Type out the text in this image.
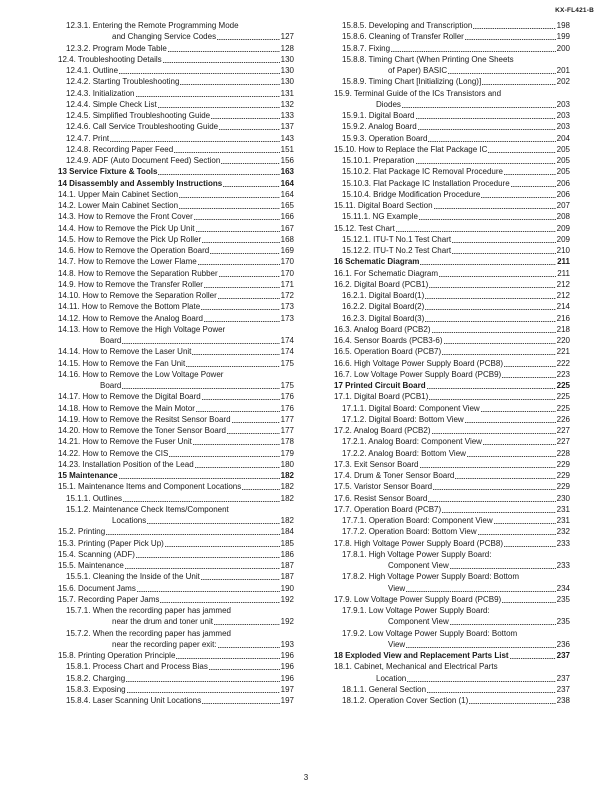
KX-FL421-B
12.3.1. Entering the Remote Programming Mode
and Changing Service Codes	127
12.3.2. Program Mode Table	128
12.4. Troubleshooting Details	130
12.4.1. Outline	130
12.4.2. Starting Troubleshooting	130
12.4.3. Initialization	131
12.4.4. Simple Check List	132
12.4.5. Simplified Troubleshooting Guide	133
12.4.6. Call Service Troubleshooting Guide	137
12.4.7. Print	143
12.4.8. Recording Paper Feed	151
12.4.9. ADF (Auto Document Feed) Section	156
13 Service Fixture & Tools	163
14 Disassembly and Assembly Instructions	164
14.1. Upper Main Cabinet Section	164
14.2. Lower Main Cabinet Section	165
14.3. How to Remove the Front Cover	166
14.4. How to Remove the Pick Up Unit	167
14.5. How to Remove the Pick Up Roller	168
14.6. How to Remove the Operation Board	169
14.7. How to Remove the Lower Flame	170
14.8. How to Remove the Separation Rubber	170
14.9. How to Remove the Transfer Roller	171
14.10. How to Remove the Separation Roller	172
14.11. How to Remove the Bottom Plate	173
14.12. How to Remove the Analog Board	173
14.13. How to Remove the High Voltage Power
Board	174
14.14. How to Remove the Laser Unit	174
14.15. How to Remove the Fan Unit	175
14.16. How to Remove the Low Voltage Power
Board	175
14.17. How to Remove the Digital Board	176
14.18. How to Remove the Main Motor	176
14.19. How to Remove the Resitst Sensor Board	177
14.20. How to Remove the Toner Sensor Board	177
14.21. How to Remove the Fuser Unit	178
14.22. How to Remove the CIS	179
14.23. Installation Position of the Lead	180
15 Maintenance	182
15.1. Maintenance Items and Component Locations	182
15.1.1. Outlines	182
15.1.2. Maintenance Check Items/Component
Locations	182
15.2. Printing	184
15.3. Printing (Paper Pick Up)	185
15.4. Scanning (ADF)	186
15.5. Maintenance	187
15.5.1. Cleaning the Inside of the Unit	187
15.6. Document Jams	190
15.7. Recording Paper Jams	192
15.7.1. When the recording paper has jammed
near the drum and toner unit	192
15.7.2. When the recording paper has jammed
near the recording paper exit:	193
15.8. Printing Operation Principle	196
15.8.1. Process Chart and Process Bias	196
15.8.2. Charging	196
15.8.3. Exposing	197
15.8.4. Laser Scanning Unit Locations	197
15.8.5. Developing and Transcription	198
15.8.6. Cleaning of Transfer Roller	199
15.8.7. Fixing	200
15.8.8. Timing Chart (When Printing One Sheets
of Paper) BASIC	201
15.8.9. Timing Chart [Initializing (Long)]	202
15.9. Terminal Guide of the ICs Transistors and
Diodes	203
15.9.1. Digital Board	203
15.9.2. Analog Board	203
15.9.3. Operation Board	204
15.10. How to Replace the Flat Package IC	205
15.10.1. Preparation	205
15.10.2. Flat Package IC Removal Procedure	205
15.10.3. Flat Package IC Installation Procedure	206
15.10.4. Bridge Modification Procedure	206
15.11. Digital Board Section	207
15.11.1. NG Example	208
15.12. Test Chart	209
15.12.1. ITU-T No.1 Test Chart	209
15.12.2. ITU-T No.2 Test Chart	210
16 Schematic Diagram	211
16.1. For Schematic Diagram	211
16.2. Digital Board (PCB1)	212
16.2.1. Digital Board(1)	212
16.2.2. Digital Board(2)	214
16.2.3. Digital Board(3)	216
16.3. Analog Board (PCB2)	218
16.4. Sensor Boards (PCB3-6)	220
16.5. Operation Board (PCB7)	221
16.6. High Voltage Power Supply Board (PCB8)	222
16.7. Low Voltage Power Supply Board (PCB9)	223
17 Printed Circuit Board	225
17.1. Digital Board (PCB1)	225
17.1.1. Digital Board: Component View	225
17.1.2. Digital Board: Bottom View	226
17.2. Analog Board (PCB2)	227
17.2.1. Analog Board: Component View	227
17.2.2. Analog Board: Bottom View	228
17.3. Exit Sensor Board	229
17.4. Drum & Toner Sensor Board	229
17.5. Varistor Sensor Board	229
17.6. Resist Sensor Board	230
17.7. Operation Board (PCB7)	231
17.7.1. Operation Board: Component View	231
17.7.2. Operation Board: Bottom View	232
17.8. High Voltage Power Supply Board (PCB8)	233
17.8.1. High Voltage Power Supply Board:
Component View	233
17.8.2. High Voltage Power Supply Board: Bottom
View	234
17.9. Low Voltage Power Supply Board (PCB9)	235
17.9.1. Low Voltage Power Supply Board:
Component View	235
17.9.2. Low Voltage Power Supply Board: Bottom
View	236
18 Exploded View and Replacement Parts List	237
18.1. Cabinet, Mechanical and Electrical Parts
Location	237
18.1.1. General Section	237
18.1.2. Operation Cover Section (1)	238
3
